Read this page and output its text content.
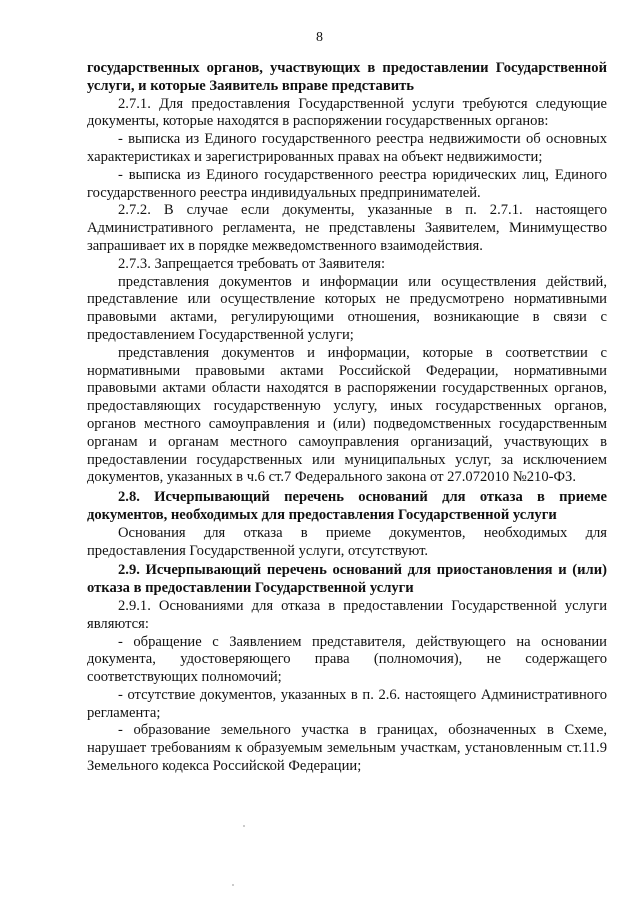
8

государственных органов, участвующих в предоставлении Государственной услуги, и которые Заявитель вправе представить

2.7.1. Для предоставления Государственной услуги требуются следующие документы, которые находятся в распоряжении государственных органов:

- выписка из Единого государственного реестра недвижимости об основных характеристиках и зарегистрированных правах на объект недвижимости;

- выписка из Единого государственного реестра юридических лиц, Единого государственного реестра индивидуальных предпринимателей.

2.7.2. В случае если документы, указанные в п. 2.7.1. настоящего Административного регламента, не представлены Заявителем, Минимущество запрашивает их в порядке межведомственного взаимодействия.

2.7.3. Запрещается требовать от Заявителя:

представления документов и информации или осуществления действий, представление или осуществление которых не предусмотрено нормативными правовыми актами, регулирующими отношения, возникающие в связи с предоставлением Государственной услуги;

представления документов и информации, которые в соответствии с нормативными правовыми актами Российской Федерации, нормативными правовыми актами области находятся в распоряжении государственных органов, предоставляющих государственную услугу, иных государственных органов, органов местного самоуправления и (или) подведомственных государственным органам и органам местного самоуправления организаций, участвующих в предоставлении государственных или муниципальных услуг, за исключением документов, указанных в ч.6 ст.7 Федерального закона от 27.072010 №210-ФЗ.

2.8. Исчерпывающий перечень оснований для отказа в приеме документов, необходимых для предоставления Государственной услуги

Основания для отказа в приеме документов, необходимых для предоставления Государственной услуги, отсутствуют.

2.9. Исчерпывающий перечень оснований для приостановления и (или) отказа в предоставлении Государственной услуги

2.9.1. Основаниями для отказа в предоставлении Государственной услуги являются:

- обращение с Заявлением представителя, действующего на основании документа, удостоверяющего права (полномочия), не содержащего соответствующих полномочий;

- отсутствие документов, указанных в п. 2.6. настоящего Административного регламента;

- образование земельного участка в границах, обозначенных в Схеме, нарушает требованиям к образуемым земельным участкам, установленным ст.11.9 Земельного кодекса Российской Федерации;
